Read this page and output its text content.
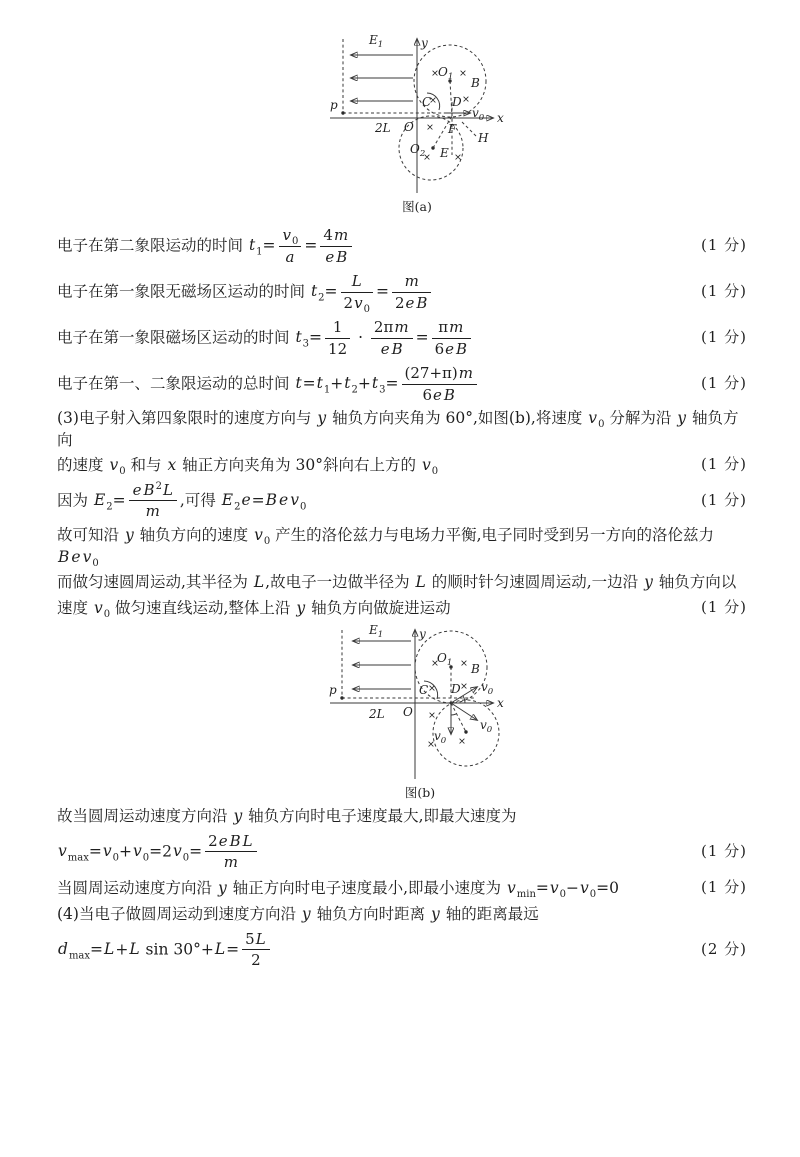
× ×
×	×
×
× ×
$E_1$	y
x
p
2L O
$O_1$ B
C D
F
E
H
$v_0$
$O_2$
图(a)
电子在第二象限运动的时间 $t_1= \frac{v_0}{a} = \frac{4m}{\text{e B}}$	(1 分)
电子在第一象限无磁场区运动的时间 $t_2= \frac{L}{2v_0} = \frac{m}{\text{2e B}}$	(1 分)
电子在第一象限磁场区运动的时间 $t_3= \frac{1}{12} \cdot \frac{2\pi m}{\text{e B}} = \frac{\pi m}{\text{6e B}}$	(1 分)
电子在第一、二象限运动的总时间 $t=t_1+t_2+t_3= \frac{(27+\pi)m}{\text{6e B}}$	(1 分)
(3)电子射入第四象限时的速度方向与 y 轴负方向夹角为 60°,如图(b),将速度 $v_0$ 分解为沿 y 轴负方向
的速度 $v_0$ 和与 x 轴正方向夹角为 30°斜向右上方的 $v_0$	(1 分)
因为 $E_2= \frac{e B^2L}{m}$ ,可得 $E_2e=B$ e $v_0$	(1 分)
故可知沿 y 轴负方向的速度 $v_0$ 产生的洛伦兹力与电场力平衡,电子同时受到另一方向的洛伦兹力 B e $v_0$
而做匀速圆周运动,其半径为 L,故电子一边做半径为 L 的顺时针匀速圆周运动,一边沿 y 轴负方向以
速度 $v_0$ 做匀速直线运动,整体上沿 y 轴负方向做旋进运动	(1 分)
× ×
×	×
×
× ×
$E_1$	y
x
p
2L O
$O_1$ B
C D $v_0$
$v_0$
$v_0$
图(b)
故当圆周运动速度方向沿 y 轴负方向时电子速度最大,即最大速度为
$v_{max}=v_0+v_0=2v_0= \frac{\text{2e B L}}{m}$	(1 分)
当圆周运动速度方向沿 y 轴正方向时电子速度最小,即最小速度为 $v_{min}=v_0-v_0=0$	(1 分)
(4)当电子做圆周运动到速度方向沿 y 轴负方向时距离 y 轴的距离最远
$d_{max}=L+L$ $\sin 30^\circ+L= \frac{5L}{2}$	(2 分)
